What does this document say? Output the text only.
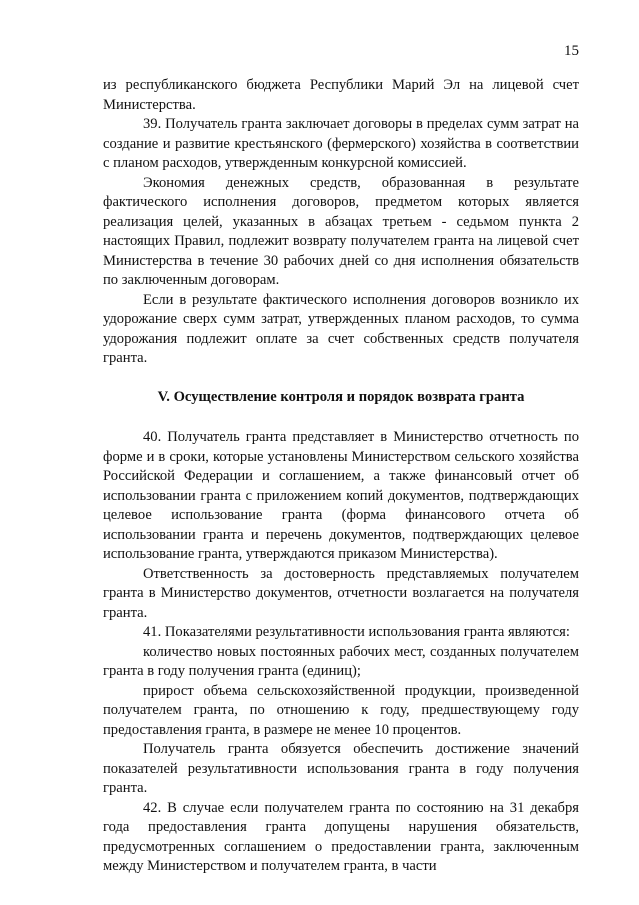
15

из республиканского бюджета Республики Марий Эл на лицевой счет Министерства.

39. Получатель гранта заключает договоры в пределах сумм затрат на создание и развитие крестьянского (фермерского) хозяйства в соответствии с планом расходов, утвержденным конкурсной комиссией.

Экономия денежных средств, образованная в результате фактического исполнения договоров, предметом которых является реализация целей, указанных в абзацах третьем - седьмом пункта 2 настоящих Правил, подлежит возврату получателем гранта на лицевой счет Министерства в течение 30 рабочих дней со дня исполнения обязательств по заключенным договорам.

Если в результате фактического исполнения договоров возникло их удорожание сверх сумм затрат, утвержденных планом расходов, то сумма удорожания подлежит оплате за счет собственных средств получателя гранта.

V. Осуществление контроля и порядок возврата гранта

40. Получатель гранта представляет в Министерство отчетность по форме и в сроки, которые установлены Министерством сельского хозяйства Российской Федерации и соглашением, а также финансовый отчет об использовании гранта с приложением копий документов, подтверждающих целевое использование гранта (форма финансового отчета об использовании гранта и перечень документов, подтверждающих целевое использование гранта, утверждаются приказом Министерства).

Ответственность за достоверность представляемых получателем гранта в Министерство документов, отчетности возлагается на получателя гранта.

41. Показателями результативности использования гранта являются:

количество новых постоянных рабочих мест, созданных получателем гранта в году получения гранта (единиц);

прирост объема сельскохозяйственной продукции, произведенной получателем гранта, по отношению к году, предшествующему году предоставления гранта, в размере не менее 10 процентов.

Получатель гранта обязуется обеспечить достижение значений показателей результативности использования гранта в году получения гранта.

42. В случае если получателем гранта по состоянию на 31 декабря года предоставления гранта допущены нарушения обязательств, предусмотренных соглашением о предоставлении гранта, заключенным между Министерством и получателем гранта, в части
